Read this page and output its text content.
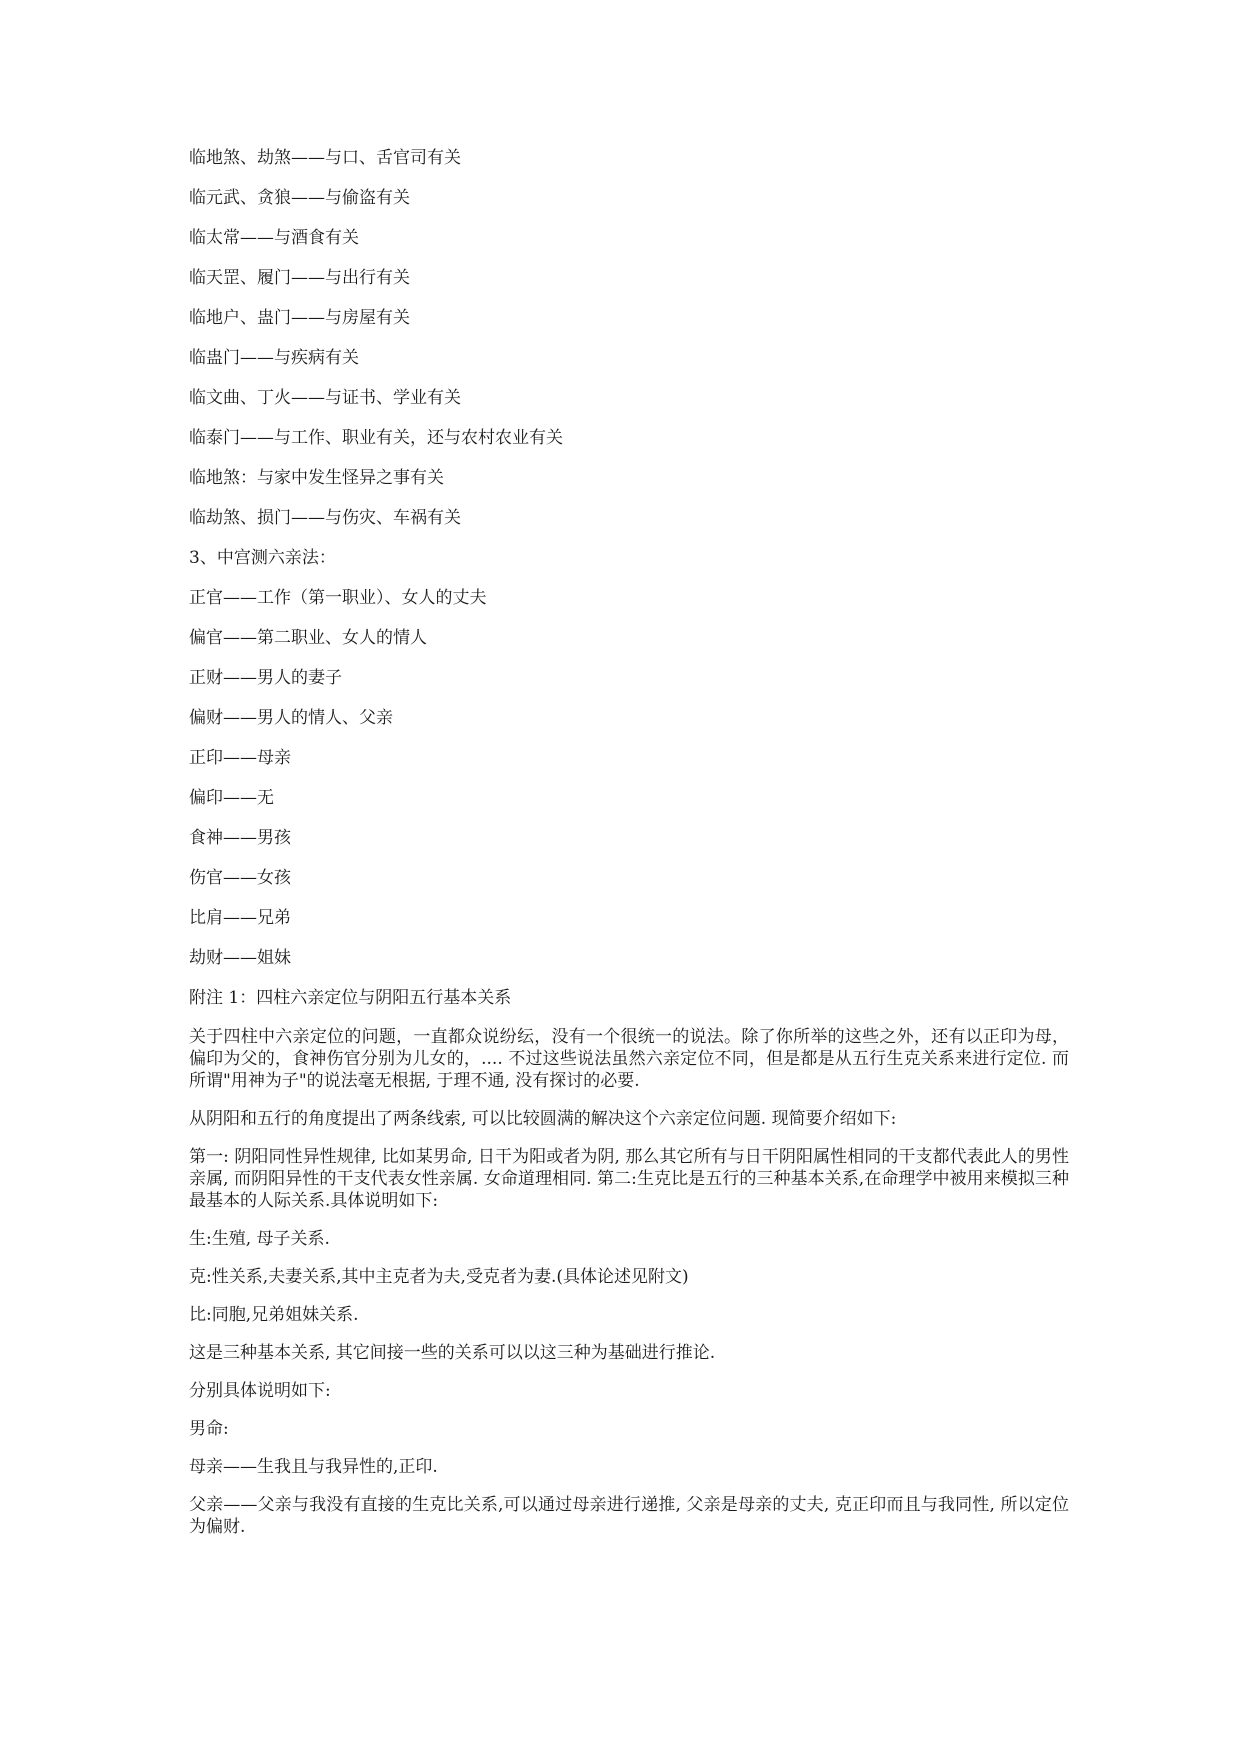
临地煞、劫煞——与口、舌官司有关
临元武、贪狼——与偷盗有关
临太常——与酒食有关
临天罡、履门——与出行有关
临地户、蛊门——与房屋有关
临蛊门——与疾病有关
临文曲、丁火——与证书、学业有关
临泰门——与工作、职业有关，还与农村农业有关
临地煞：与家中发生怪异之事有关
临劫煞、损门——与伤灾、车祸有关
3、中宫测六亲法：
正官——工作（第一职业）、女人的丈夫
偏官——第二职业、女人的情人
正财——男人的妻子
偏财——男人的情人、父亲
正印——母亲
偏印——无
食神——男孩
伤官——女孩
比肩——兄弟
劫财——姐妹
附注 1：四柱六亲定位与阴阳五行基本关系

关于四柱中六亲定位的问题，一直都众说纷纭，没有一个很统一的说法。除了你所举的这些之外，还有以正印为母，偏印为父的，食神伤官分别为儿女的，.... 不过这些说法虽然六亲定位不同，但是都是从五行生克关系来进行定位. 而所谓"用神为子"的说法毫无根据, 于理不通, 没有探讨的必要.

从阴阳和五行的角度提出了两条线索, 可以比较圆满的解决这个六亲定位问题. 现简要介绍如下:

第一: 阴阳同性异性规律, 比如某男命, 日干为阳或者为阴, 那么其它所有与日干阴阳属性相同的干支都代表此人的男性亲属, 而阴阳异性的干支代表女性亲属. 女命道理相同. 第二:生克比是五行的三种基本关系,在命理学中被用来模拟三种最基本的人际关系.具体说明如下:

生:生殖, 母子关系.

克:性关系,夫妻关系,其中主克者为夫,受克者为妻.(具体论述见附文)

比:同胞,兄弟姐妹关系.

这是三种基本关系, 其它间接一些的关系可以以这三种为基础进行推论.

分别具体说明如下:

男命:

母亲——生我且与我异性的,正印.

父亲——父亲与我没有直接的生克比关系,可以通过母亲进行递推, 父亲是母亲的丈夫, 克正印而且与我同性, 所以定位为偏财.
